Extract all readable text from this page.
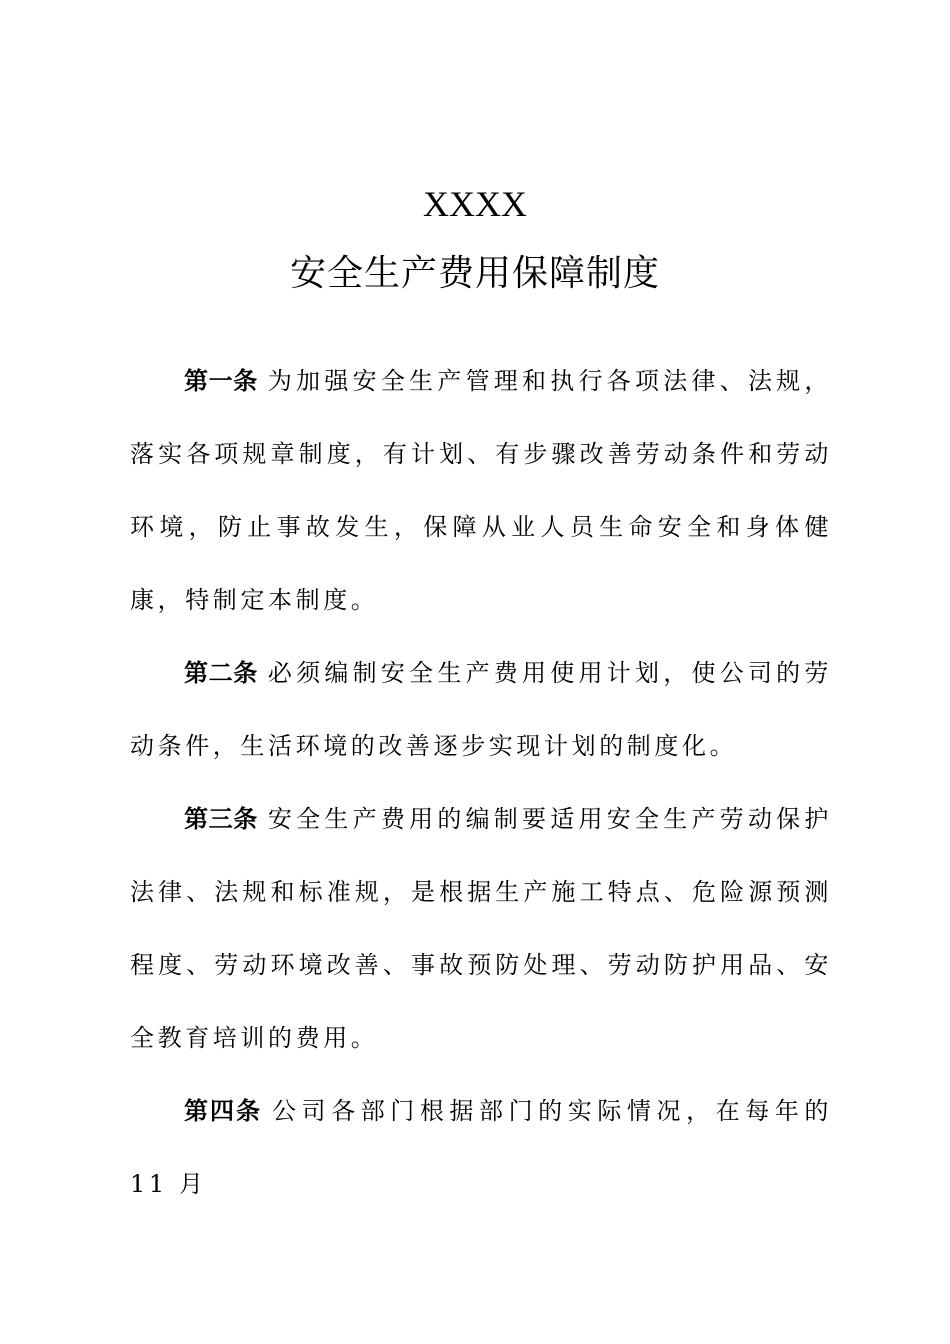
XXXX
安全生产费用保障制度

第一条 为加强安全生产管理和执行各项法律、法规，落实各项规章制度，有计划、有步骤改善劳动条件和劳动环境，防止事故发生，保障从业人员生命安全和身体健康，特制定本制度。

第二条 必须编制安全生产费用使用计划，使公司的劳动条件，生活环境的改善逐步实现计划的制度化。

第三条 安全生产费用的编制要适用安全生产劳动保护法律、法规和标准规，是根据生产施工特点、危险源预测程度、劳动环境改善、事故预防处理、劳动防护用品、安全教育培训的费用。

第四条 公司各部门根据部门的实际情况，在每年的 11 月
